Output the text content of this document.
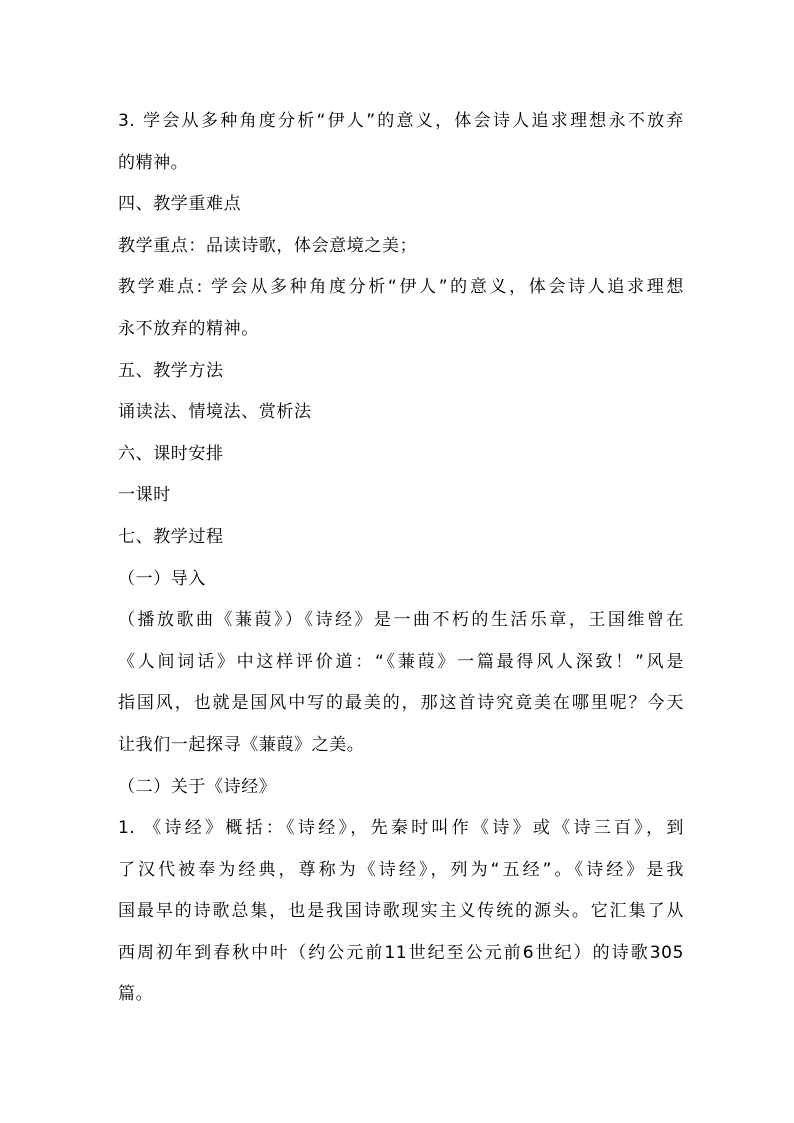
3. 学会从多种角度分析“伊人”的意义，体会诗人追求理想永不放弃
的精神。
四、教学重难点
教学重点：品读诗歌，体会意境之美；
教学难点: 学会从多种角度分析“伊人”的意义，体会诗人追求理想
永不放弃的精神。
五、教学方法
诵读法、情境法、赏析法
六、课时安排
一课时
七、教学过程
（一）导入
（播放歌曲《蒹葭》）《诗经》是一曲不朽的生活乐章，王国维曾在
《人间词话》中这样评价道：“《蒹葭》一篇最得风人深致！”风是
指国风，也就是国风中写的最美的，那这首诗究竟美在哪里呢？今天
让我们一起探寻《蒹葭》之美。
（二）关于《诗经》
1. 《诗经》概括：《诗经》，先秦时叫作《诗》或《诗三百》，到
了汉代被奉为经典，尊称为《诗经》，列为“五经”。《诗经》是我
国最早的诗歌总集，也是我国诗歌现实主义传统的源头。它汇集了从
西周初年到春秋中叶（约公元前11世纪至公元前6世纪）的诗歌305
篇。
